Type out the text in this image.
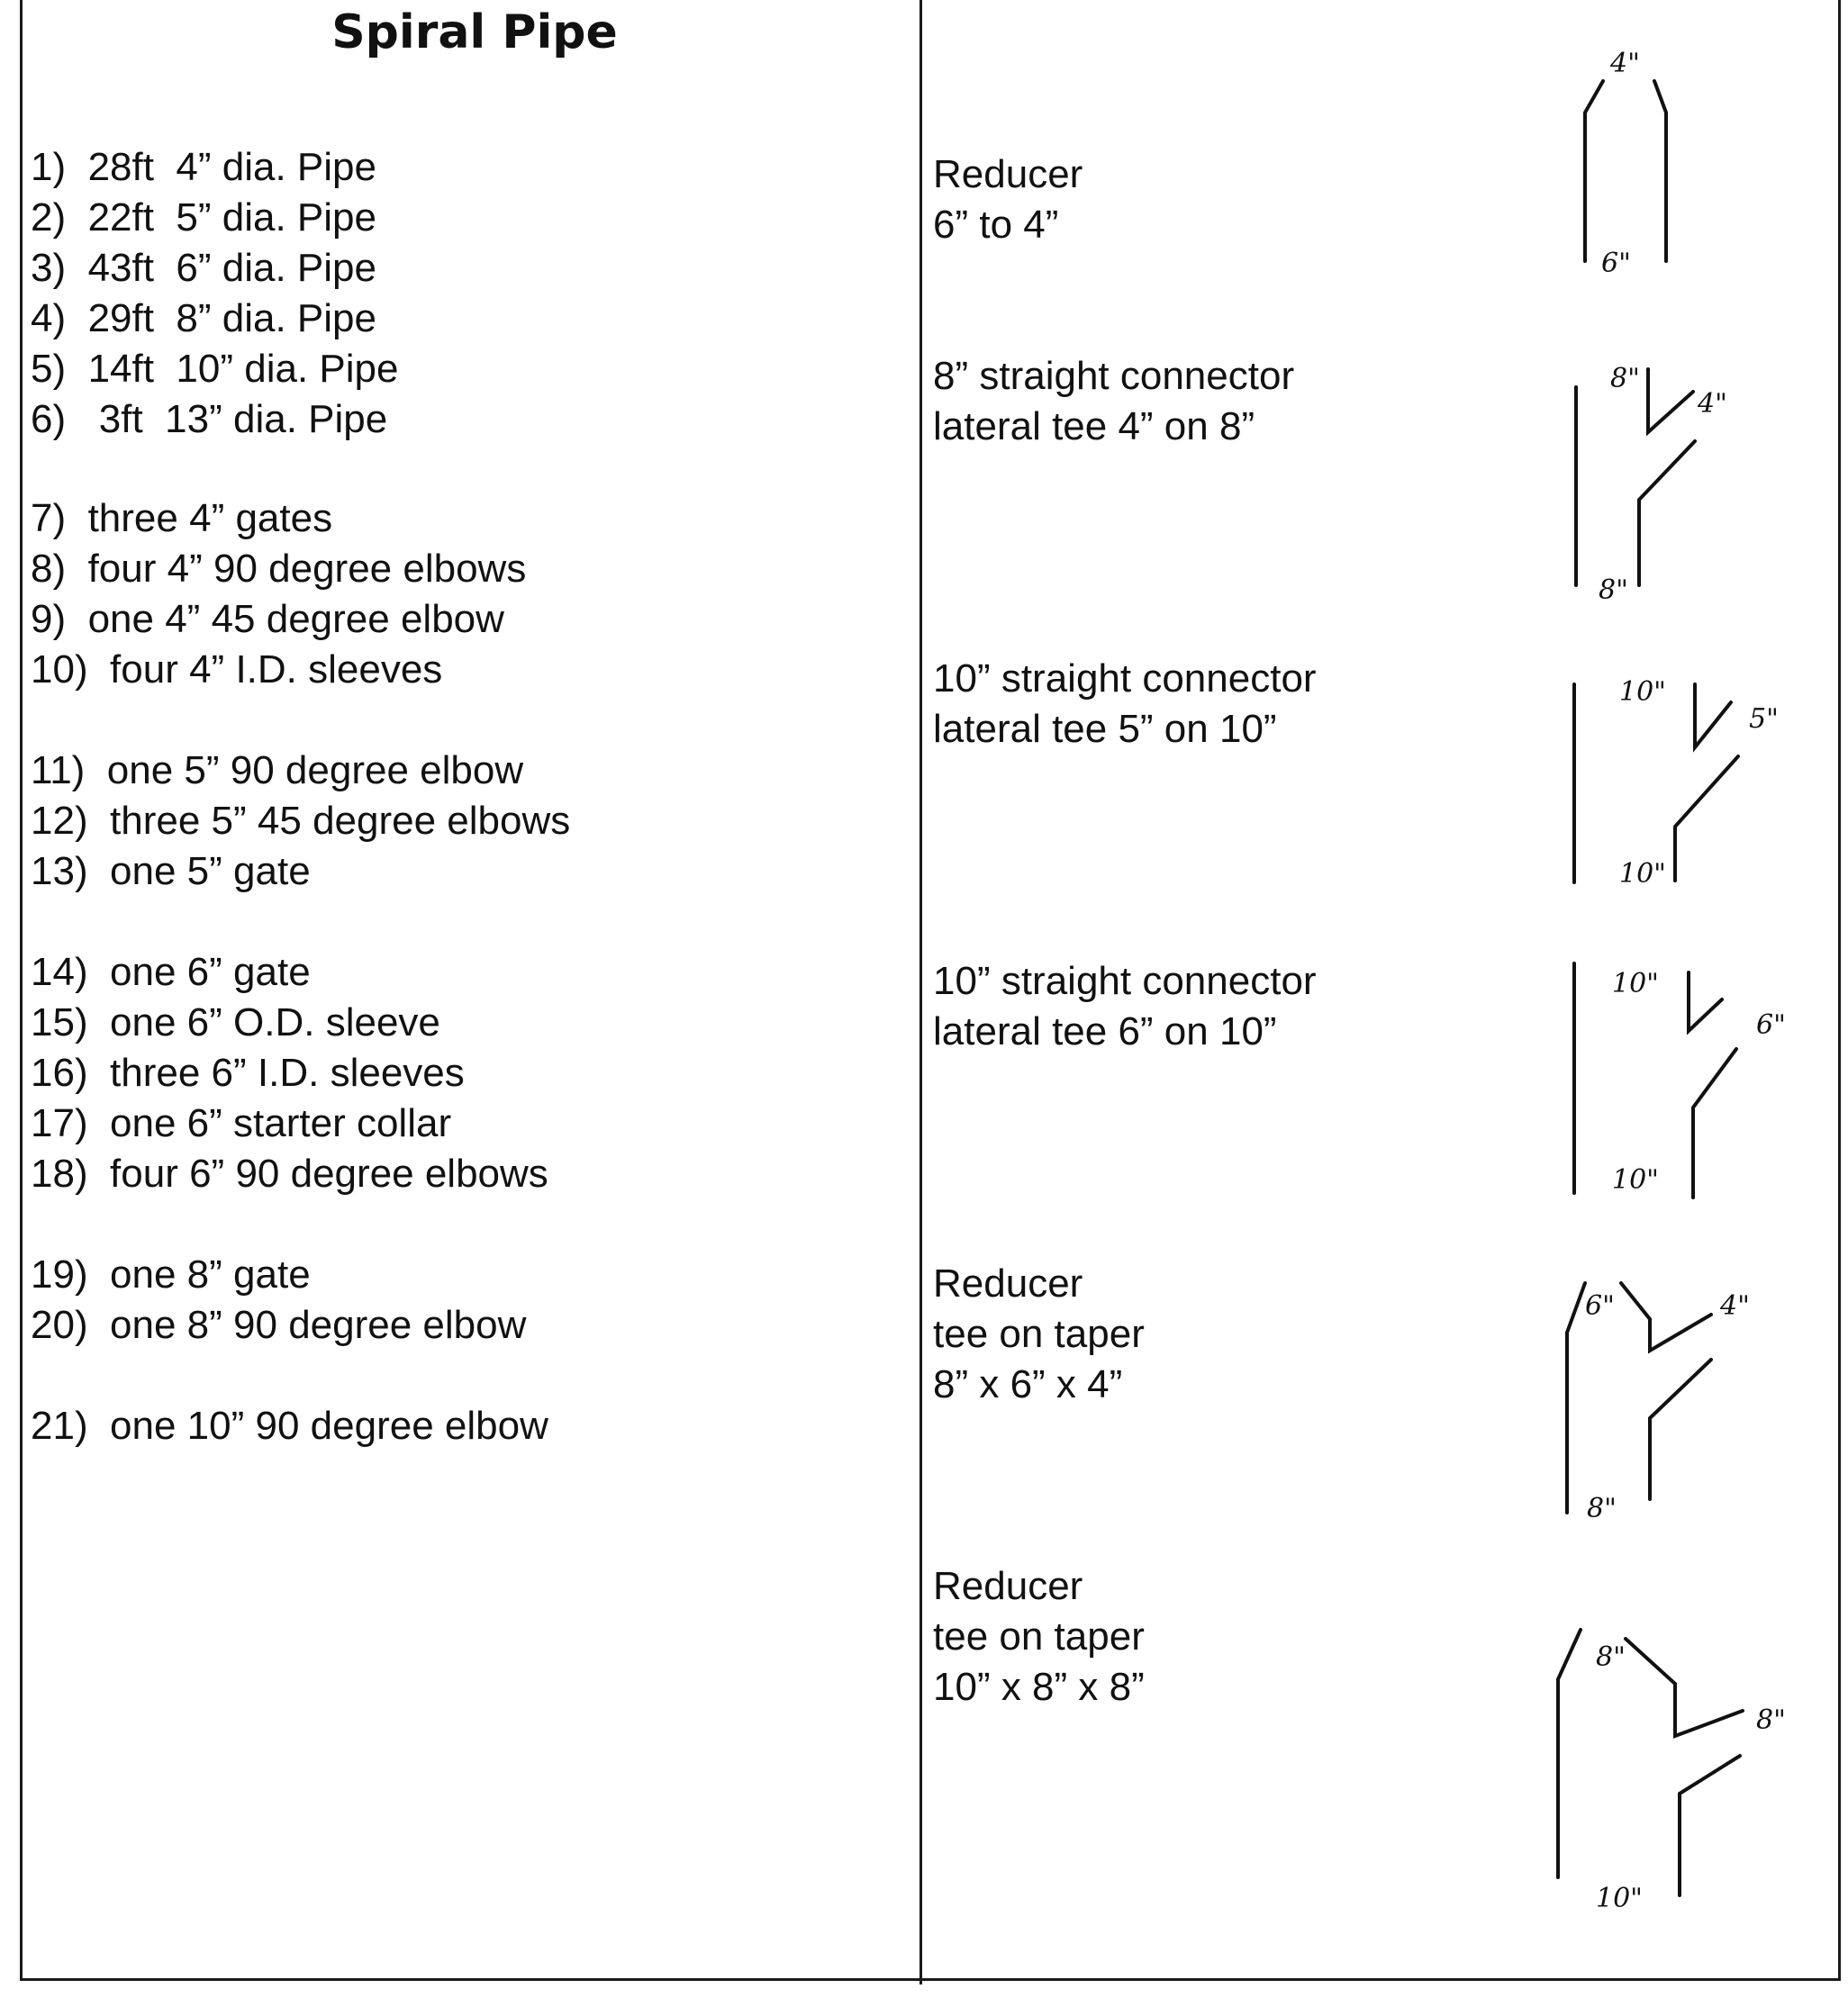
Spiral Pipe
1) 28ft  4” dia. Pipe
2) 22ft  5” dia. Pipe
3) 43ft  6” dia. Pipe
4) 29ft  8” dia. Pipe
5) 14ft  10” dia. Pipe
6)   3ft  13” dia. Pipe
7) three 4” gates
8) four 4” 90 degree elbows
9) one 4” 45 degree elbow
10) four 4” I.D. sleeves
11) one 5” 90 degree elbow
12) three 5” 45 degree elbows
13) one 5” gate
14) one 6” gate
15) one 6” O.D. sleeve
16) three 6” I.D. sleeves
17) one 6” starter collar
18) four 6” 90 degree elbows
19) one 8” gate
20) one 8” 90 degree elbow
21) one 10” 90 degree elbow
Reducer
6” to 4”
8” straight connector
lateral tee 4” on 8”
10” straight connector
lateral tee 5” on 10”
10” straight connector
lateral tee 6” on 10”
Reducer
tee on taper
8” x 6” x 4”
Reducer
tee on taper
10” x 8” x 8”
4"
6"
8"
4"
8"
10"
5"
10"
10"
6"
10"
6"	4"
8"
8"
8"
10"
